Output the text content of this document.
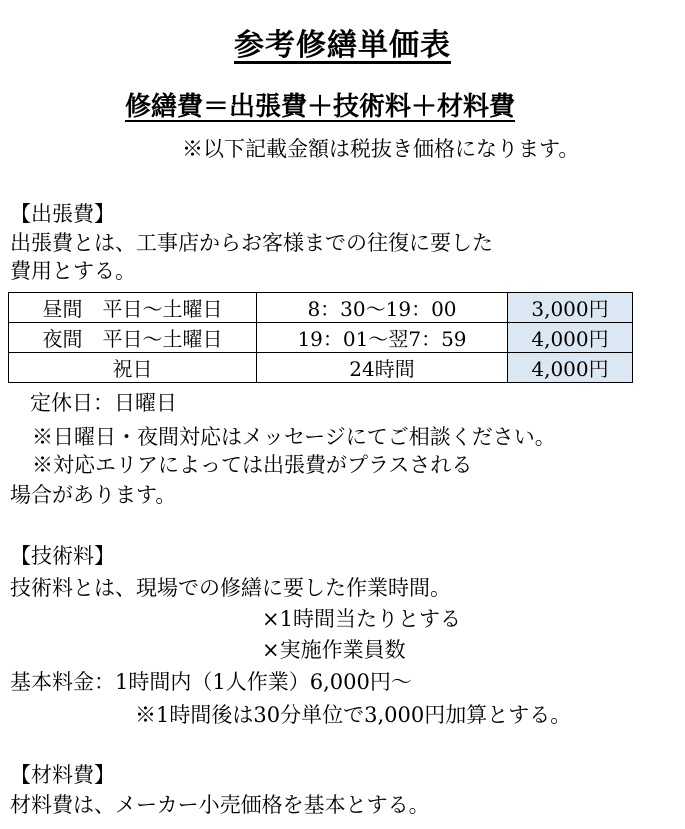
参考修繕単価表
修繕費＝出張費＋技術料＋材料費
※以下記載金額は税抜き価格になります。
【出張費】
出張費とは、工事店からお客様までの往復に要した
費用とする。
昼間　平日～土曜日	8：30～19：00	3,000円
夜間　平日～土曜日	19：01～翌7：59	4,000円
祝日	24時間	4,000円
定休日：日曜日
※日曜日・夜間対応はメッセージにてご相談ください。
※対応エリアによっては出張費がプラスされる
場合があります。
【技術料】
技術料とは、現場での修繕に要した作業時間。
×1時間当たりとする
×実施作業員数
基本料金：1時間内（1人作業）6,000円～
※1時間後は30分単位で3,000円加算とする。
【材料費】
材料費は、メーカー小売価格を基本とする。
